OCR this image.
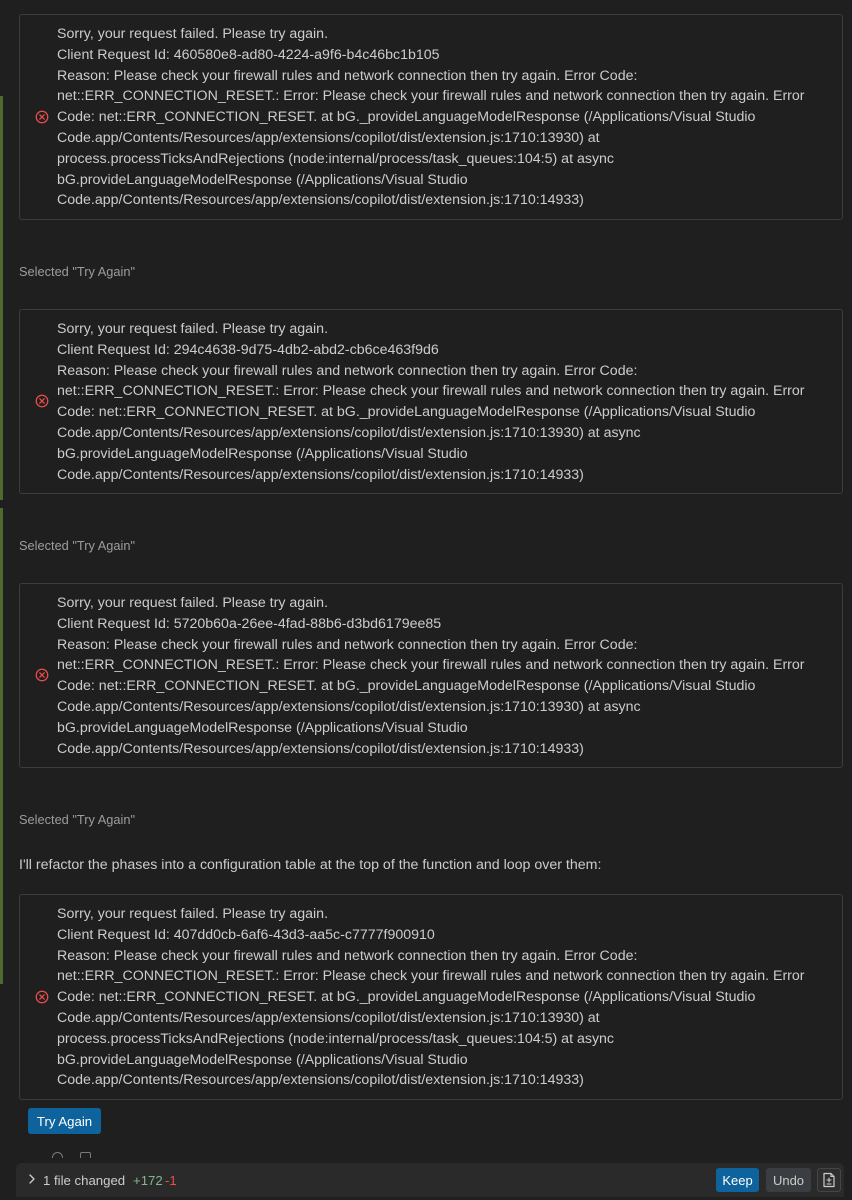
Sorry, your request failed. Please try again.
Client Request Id: 460580e8-ad80-4224-a9f6-b4c46bc1b105
Reason: Please check your firewall rules and network connection then try again. Error Code:
net::ERR_CONNECTION_RESET.: Error: Please check your firewall rules and network connection then try again. Error
Code: net::ERR_CONNECTION_RESET. at bG._provideLanguageModelResponse (/Applications/Visual Studio
Code.app/Contents/Resources/app/extensions/copilot/dist/extension.js:1710:13930) at
process.processTicksAndRejections (node:internal/process/task_queues:104:5) at async
bG.provideLanguageModelResponse (/Applications/Visual Studio
Code.app/Contents/Resources/app/extensions/copilot/dist/extension.js:1710:14933)
Selected "Try Again"
Sorry, your request failed. Please try again.
Client Request Id: 294c4638-9d75-4db2-abd2-cb6ce463f9d6
Reason: Please check your firewall rules and network connection then try again. Error Code:
net::ERR_CONNECTION_RESET.: Error: Please check your firewall rules and network connection then try again. Error
Code: net::ERR_CONNECTION_RESET. at bG._provideLanguageModelResponse (/Applications/Visual Studio
Code.app/Contents/Resources/app/extensions/copilot/dist/extension.js:1710:13930) at async
bG.provideLanguageModelResponse (/Applications/Visual Studio
Code.app/Contents/Resources/app/extensions/copilot/dist/extension.js:1710:14933)
Selected "Try Again"
Sorry, your request failed. Please try again.
Client Request Id: 5720b60a-26ee-4fad-88b6-d3bd6179ee85
Reason: Please check your firewall rules and network connection then try again. Error Code:
net::ERR_CONNECTION_RESET.: Error: Please check your firewall rules and network connection then try again. Error
Code: net::ERR_CONNECTION_RESET. at bG._provideLanguageModelResponse (/Applications/Visual Studio
Code.app/Contents/Resources/app/extensions/copilot/dist/extension.js:1710:13930) at async
bG.provideLanguageModelResponse (/Applications/Visual Studio
Code.app/Contents/Resources/app/extensions/copilot/dist/extension.js:1710:14933)
Selected "Try Again"
I'll refactor the phases into a configuration table at the top of the function and loop over them:
Sorry, your request failed. Please try again.
Client Request Id: 407dd0cb-6af6-43d3-aa5c-c7777f900910
Reason: Please check your firewall rules and network connection then try again. Error Code:
net::ERR_CONNECTION_RESET.: Error: Please check your firewall rules and network connection then try again. Error
Code: net::ERR_CONNECTION_RESET. at bG._provideLanguageModelResponse (/Applications/Visual Studio
Code.app/Contents/Resources/app/extensions/copilot/dist/extension.js:1710:13930) at
process.processTicksAndRejections (node:internal/process/task_queues:104:5) at async
bG.provideLanguageModelResponse (/Applications/Visual Studio
Code.app/Contents/Resources/app/extensions/copilot/dist/extension.js:1710:14933)
Try Again
1 file changed +172 -1	Keep	Undo
